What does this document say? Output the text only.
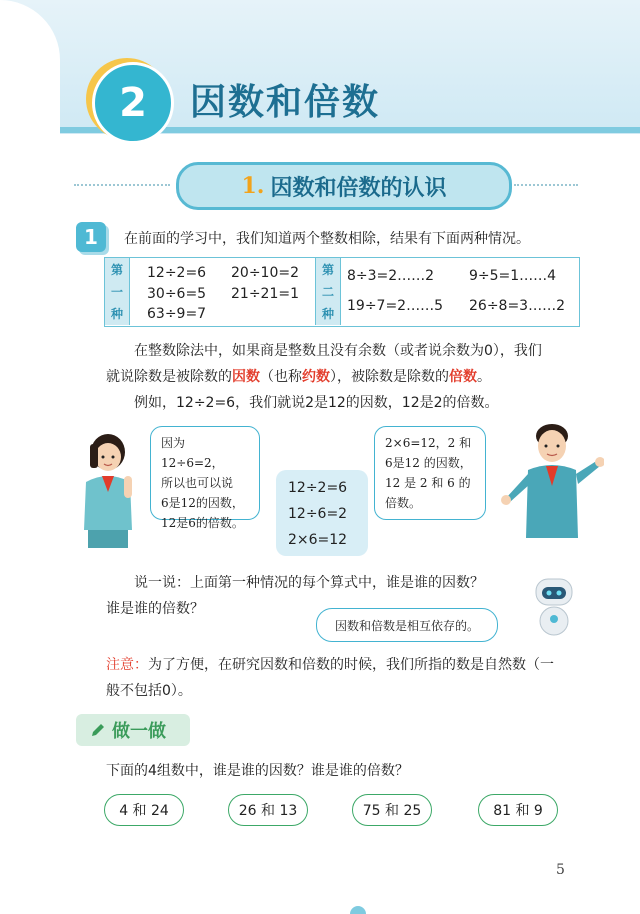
2	因数和倍数
1. 因数和倍数的认识
1	在前面的学习中，我们知道两个整数相除，结果有下面两种情况。
第
一
种
12÷2=6 20÷10=2
30÷6=5 21÷21=1
63÷9=7
第
二
种
8÷3=2……2 9÷5=1……4
19÷7=2……5 26÷8=3……2
在整数除法中，如果商是整数且没有余数（或者说余数为0），我们
就说除数是被除数的因数（也称约数），被除数是除数的倍数。
例如，12÷2=6，我们就说2是12的因数，12是2的倍数。
因为 12÷6=2，
所以也可以说
6是12的因数，
12是6的倍数。
12÷2=6
12÷6=2
2×6=12
2×6=12，2 和
6是12 的因数，
12 是 2 和 6 的
倍数。
说一说：上面第一种情况的每个算式中，谁是谁的因数？
谁是谁的倍数？
因数和倍数是相互依存的。
注意：为了方便，在研究因数和倍数的时候，我们所指的数是自然数（一
般不包括0）。
做一做
下面的4组数中，谁是谁的因数？谁是谁的倍数？
4 和 24	26 和 13	75 和 25	81 和 9
5
